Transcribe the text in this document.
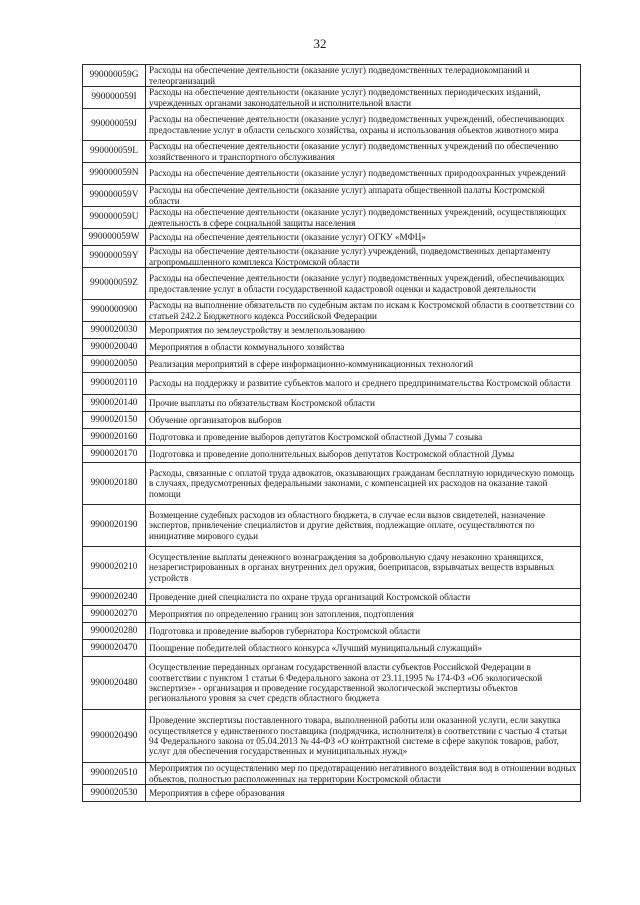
32
990000059G	Расходы на обеспечение деятельности (оказание услуг) подведомственных телерадиокомпаний и телеорганизаций
990000059I	Расходы на обеспечение деятельности (оказание услуг) подведомственных периодических изданий, учрежденных органами законодательной и исполнительной власти
990000059J	Расходы на обеспечение деятельности (оказание услуг) подведомственных учреждений, обеспечивающих предоставление услуг в области сельского хозяйства, охраны и использования объектов животного мира
990000059L	Расходы на обеспечение деятельности (оказание услуг) подведомственных учреждений по обеспечению хозяйственного и транспортного обслуживания
990000059N	Расходы на обеспечение деятельности (оказание услуг) подведомственных природоохранных учреждений
990000059V	Расходы на обеспечение деятельности (оказание услуг) аппарата общественной палаты Костромской области
990000059U	Расходы на обеспечение деятельности (оказание услуг) подведомственных учреждений, осуществляющих деятельность в сфере социальной защиты населения
990000059W	Расходы на обеспечение деятельности (оказание услуг) ОГКУ «МФЦ»
990000059Y	Расходы на обеспечение деятельности (оказание услуг) учреждений, подведомственных департаменту агропромышленного комплекса Костромской области
990000059Z	Расходы на обеспечение деятельности (оказание услуг) подведомственных учреждений, обеспечивающих предоставление услуг в области государственной кадастровой оценки и кадастровой деятельности
9900000900	Расходы на выполнение обязательств по судебным актам по искам к Костромской области в соответствии со статьей 242.2 Бюджетного кодекса Российской Федерации
9900020030	Мероприятия по землеустройству и землепользованию
9900020040	Мероприятия в области коммунального хозяйства
9900020050	Реализация мероприятий в сфере информационно-коммуникационных технологий
9900020110	Расходы на поддержку и развитие субъектов малого и среднего предпринимательства Костромской области
9900020140	Прочие выплаты по обязательствам Костромской области
9900020150	Обучение организаторов выборов
9900020160	Подготовка и проведение выборов депутатов Костромской областной Думы 7 созыва
9900020170	Подготовка и проведение дополнительных выборов депутатов Костромской областной Думы
9900020180	Расходы, связанные с оплатой труда адвокатов, оказывающих гражданам бесплатную юридическую помощь в случаях, предусмотренных федеральными законами, с компенсацией их расходов на оказание такой помощи
9900020190	Возмещение судебных расходов из областного бюджета, в случае если вызов свидетелей, назначение экспертов, привлечение специалистов и другие действия, подлежащие оплате, осуществляются по инициативе мирового судьи
9900020210	Осуществление выплаты денежного вознаграждения за добровольную сдачу незаконно хранящихся, незарегистрированных в органах внутренних дел оружия, боеприпасов, взрывчатых веществ взрывных устройств
9900020240	Проведение дней специалиста по охране труда организаций Костромской области
9900020270	Мероприятия по определению границ зон затопления, подтопления
9900020280	Подготовка и проведение выборов губернатора Костромской области
9900020470	Поощрение победителей областного конкурса «Лучший муниципальный служащий»
9900020480	Осуществление переданных органам государственной власти субъектов Российской Федерации в соответствии с пунктом 1 статьи 6 Федерального закона от 23.11.1995 № 174-ФЗ «Об экологической экспертизе» - организация и проведение государственной экологической экспертизы объектов регионального уровня за счет средств областного бюджета
9900020490	Проведение экспертизы поставленного товара, выполненной работы или оказанной услуги, если закупка осуществляется у единственного поставщика (подрядчика, исполнителя) в соответствии с частью 4 статьи 94 Федерального закона от 05.04.2013 № 44-ФЗ «О контрактной системе в сфере закупок товаров, работ, услуг для обеспечения государственных и муниципальных нужд»
9900020510	Мероприятия по осуществлению мер по предотвращению негативного воздействия вод в отношении водных объектов, полностью расположенных на территории Костромской области
9900020530	Мероприятия в сфере образования
